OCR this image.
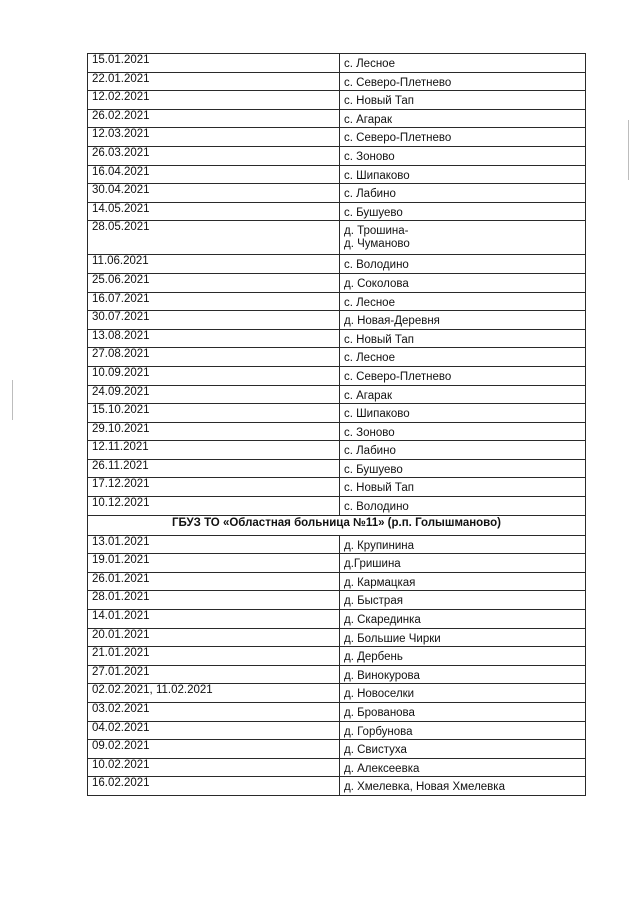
15.01.2021	с. Лесное

22.01.2021	с. Северо-Плетнево

12.02.2021	с. Новый Тап

26.02.2021	с. Агарак

12.03.2021	с. Северо-Плетнево

26.03.2021	с. Зоново

16.04.2021	с. Шипаково

30.04.2021	с. Лабино

14.05.2021	с. Бушуево

28.05.2021	д. Трошина-
д. Чуманово

11.06.2021	с. Володино

25.06.2021	д. Соколова

16.07.2021	с. Лесное

30.07.2021	д. Новая-Деревня

13.08.2021	с. Новый Тап

27.08.2021	с. Лесное

10.09.2021	с. Северо-Плетнево

24.09.2021	с. Агарак

15.10.2021	с. Шипаково

29.10.2021	с. Зоново

12.11.2021	с. Лабино

26.11.2021	с. Бушуево

17.12.2021	с. Новый Тап

10.12.2021	с. Володино

ГБУЗ ТО «Областная больница №11» (р.п. Голышманово)	
13.01.2021	д. Крупинина

19.01.2021	д.Гришина

26.01.2021	д. Кармацкая

28.01.2021	д. Быстрая

14.01.2021	д. Скарединка

20.01.2021	д. Большие Чирки

21.01.2021	д. Дербень

27.01.2021	д. Винокурова

02.02.2021, 11.02.2021	д. Новоселки

03.02.2021	д. Брованова

04.02.2021	д. Горбунова

09.02.2021	д. Свистуха

10.02.2021	д. Алексеевка

16.02.2021	д. Хмелевка, Новая Хмелевка
